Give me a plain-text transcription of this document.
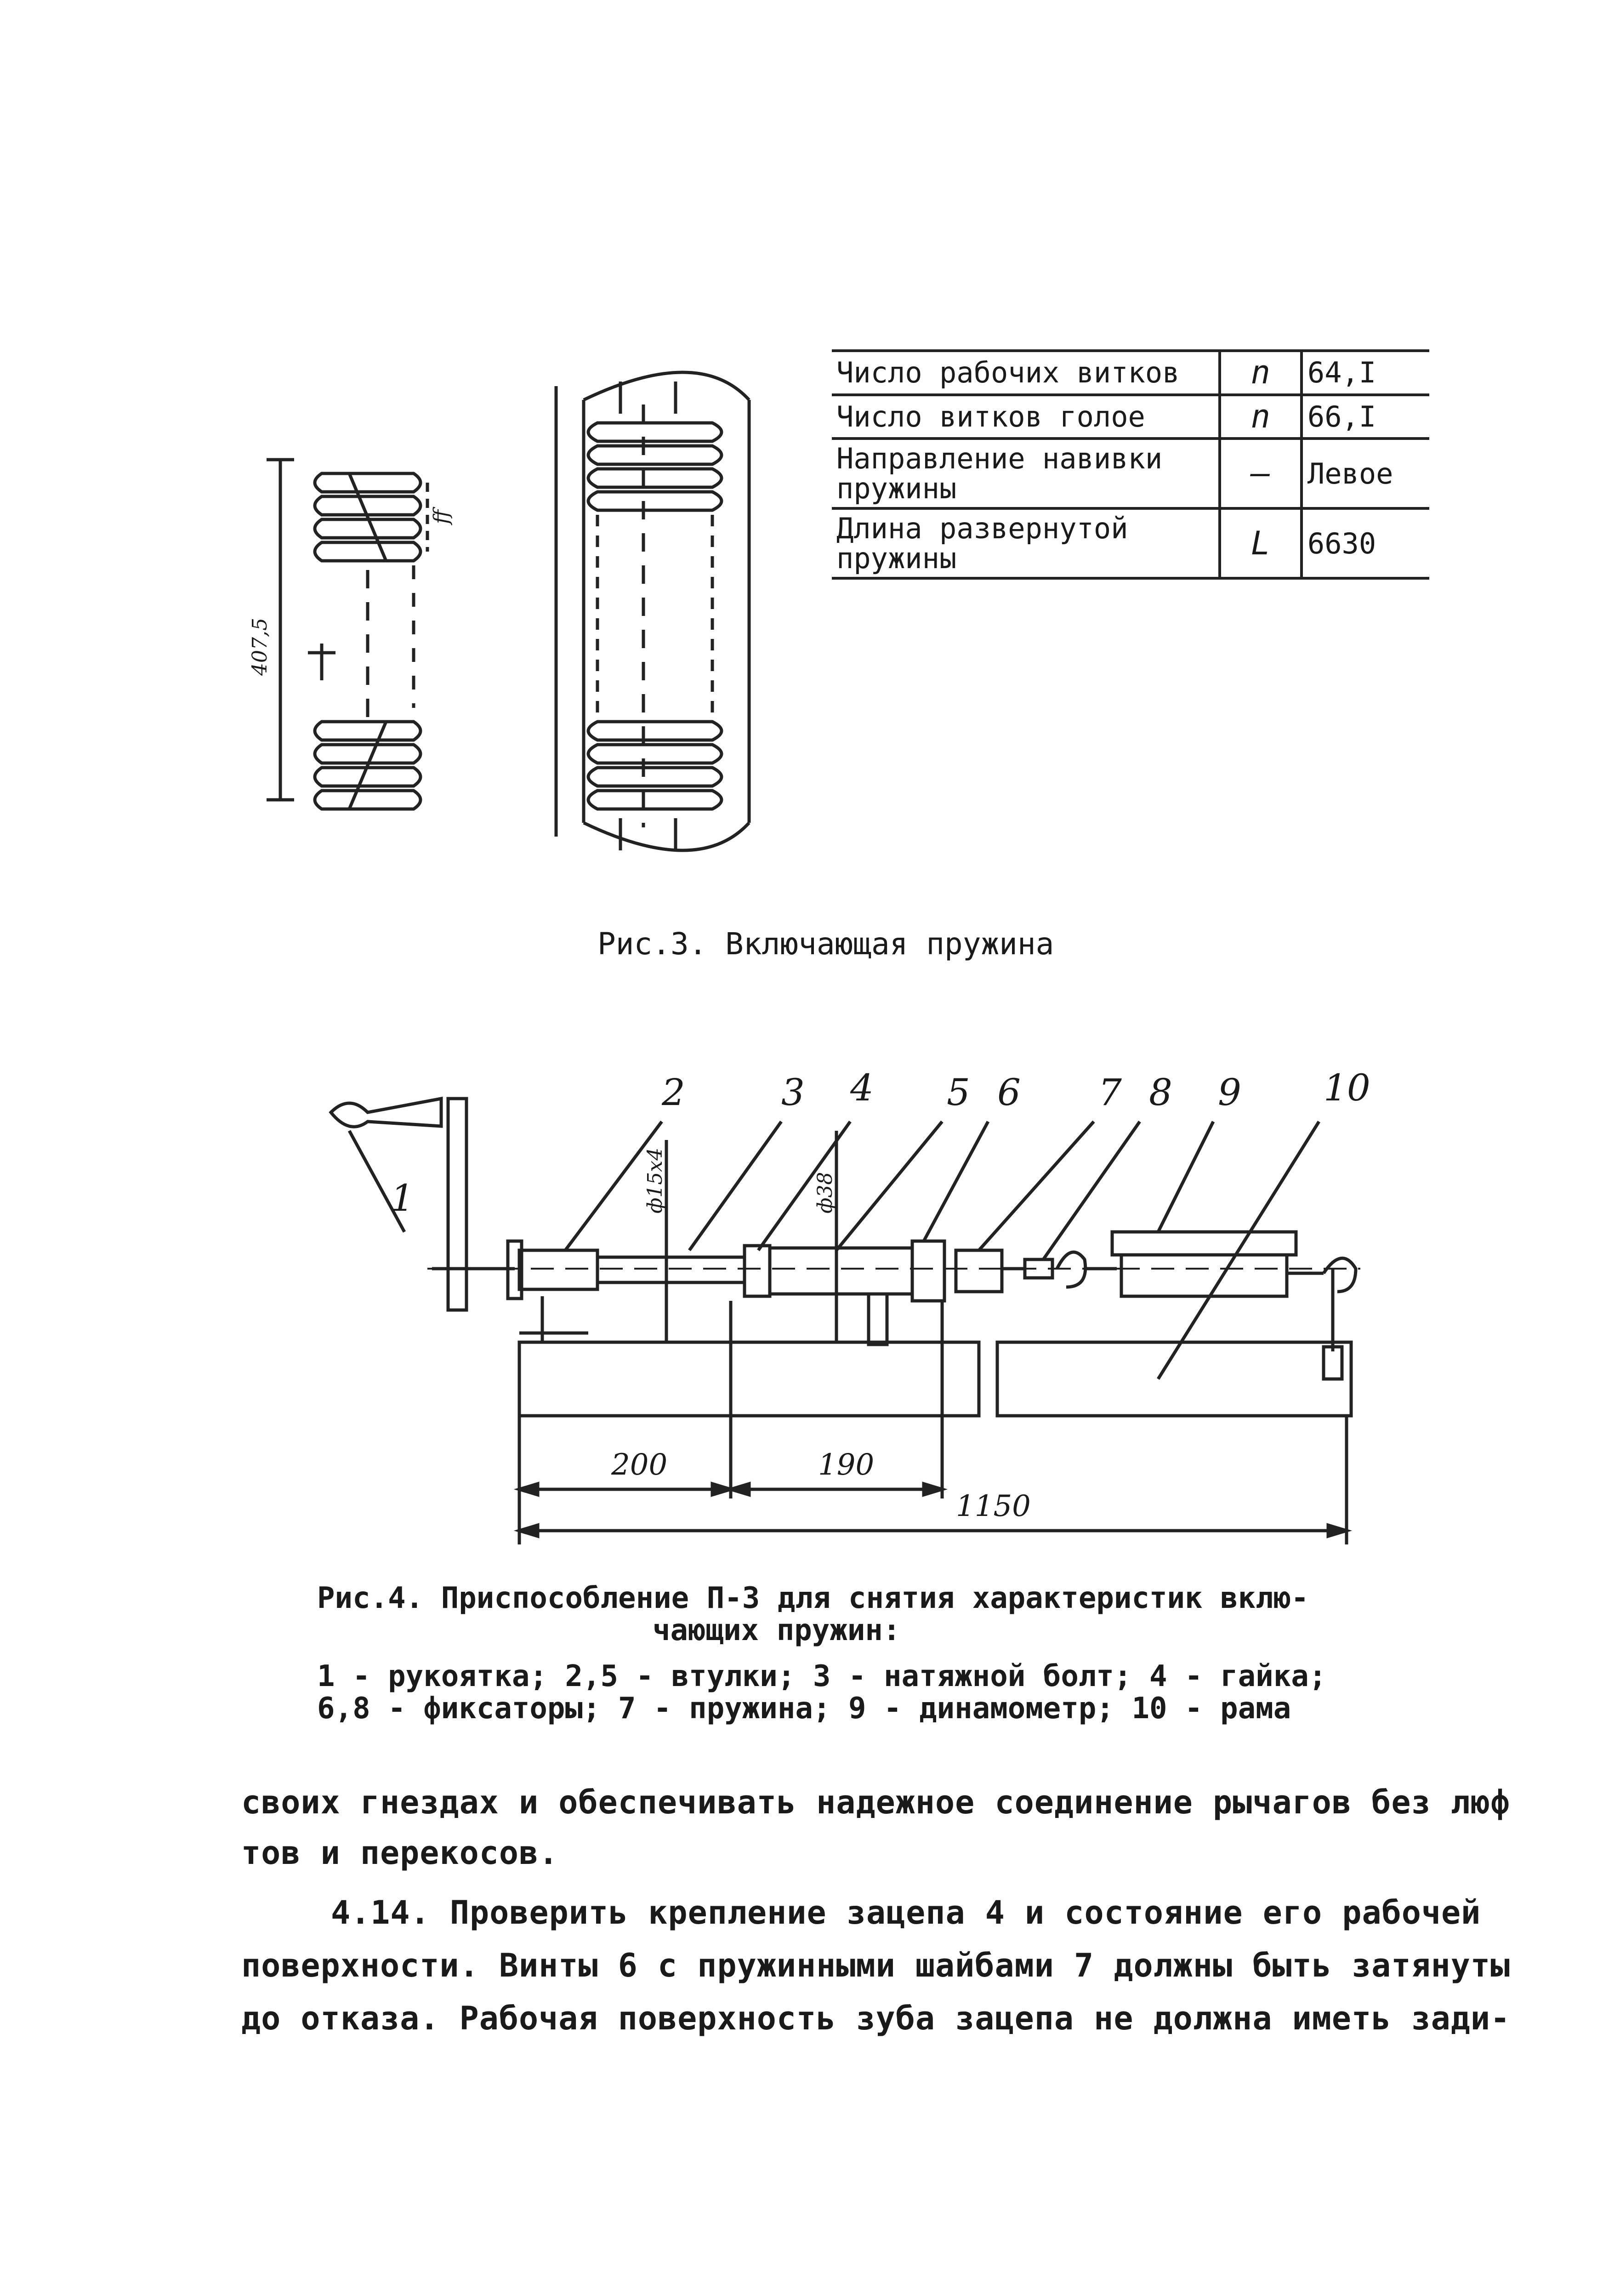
407,5
ff
Число рабочих витков	n	64,I
Число витков голое	n	66,I
Направление навивки пружины	–	Левое
Длина развернутой пружины	L	6630
Рис.3. Включающая пружина
1
2	3 4 5 6 7 8 9 10
ф15x4	ф38
200	190
1150
Рис.4. Приспособление П-3 для снятия характеристик вклю-
чающих пружин:
1 - рукоятка; 2,5 - втулки; 3 - натяжной болт; 4 - гайка;
6,8 - фиксаторы; 7 - пружина; 9 - динамометр; 10 - рама
своих гнездах и обеспечивать надежное соединение рычагов без люф
тов и перекосов.
4.14. Проверить крепление зацепа 4 и состояние его рабочей
поверхности. Винты 6 с пружинными шайбами 7 должны быть затянуты
до отказа. Рабочая поверхность зуба зацепа не должна иметь зади-
